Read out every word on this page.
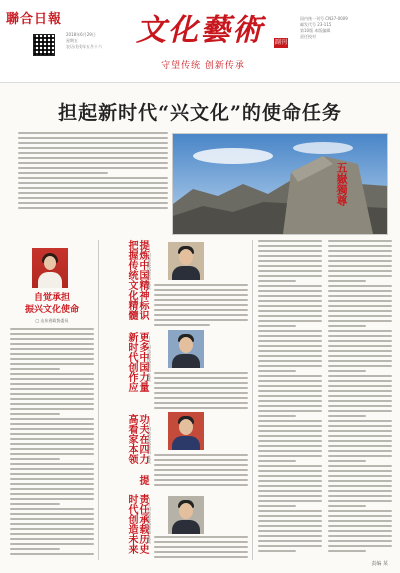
聯合日報
2018年6月29日
星期五
农历戊戌年五月十六	文化藝術	副刊
守望传统 创新传承
国内统一刊号 CN37-0009
邮发代号 23-115
第10版 本版编辑
责任校对
担起新时代“兴文化”的使命任务
五嶽獨尊
自觉承担
振兴文化使命
□ 山东省政协委员
提炼中国精神标识 把握传统文化精髓	——山东省政协委员 某某
更多中国力量 新时代创作应	——山东省政协委员 某某
功夫在四力 提高看家本领	——山东省政协委员 某某
责任承载历史 时代创造未来	——山东省政协委员 某某
责编 某
